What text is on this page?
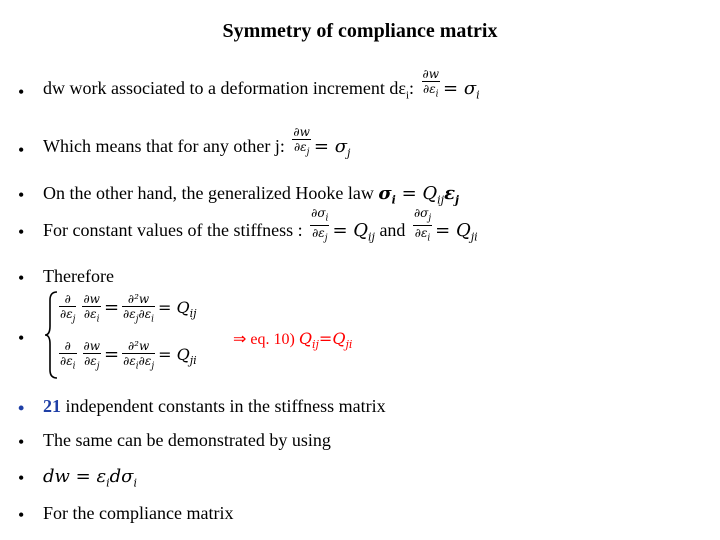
Symmetry of compliance matrix
• dw work associated to a deformation increment $d\varepsilon_i$: $\frac{\partial w}{\partial\varepsilon_i} = \sigma_i$
• Which means that for any other j: $\frac{\partial w}{\partial\varepsilon_j} = \sigma_j$
• On the other hand, the generalized Hooke law $\sigma_i = Q_{ij}\varepsilon_j$
• For constant values of the stiffness : $\frac{\partial\sigma_i}{\partial\varepsilon_j} = Q_{ij}$ and $\frac{\partial\sigma_j}{\partial\varepsilon_i} = Q_{ji}$
• Therefore
•
$\frac{\partial}{\partial\varepsilon_j} \frac{\partial w}{\partial\varepsilon_i} = \frac{\text{∂²w}}{\partial\varepsilon_j\partial\varepsilon_i} = Q_{ij}$
$\frac{\partial}{\partial\varepsilon_i} \frac{\partial w}{\partial\varepsilon_j} = \frac{\text{∂²w}}{\partial\varepsilon_i\partial\varepsilon_j} = Q_{ji}$
⇒ eq. 10) $Q_{ij}=Q_{ji}$
• 21 independent constants in the stiffness matrix
• The same can be demonstrated by using
• dw = $\varepsilon_id\sigma_i$
• For the compliance matrix
